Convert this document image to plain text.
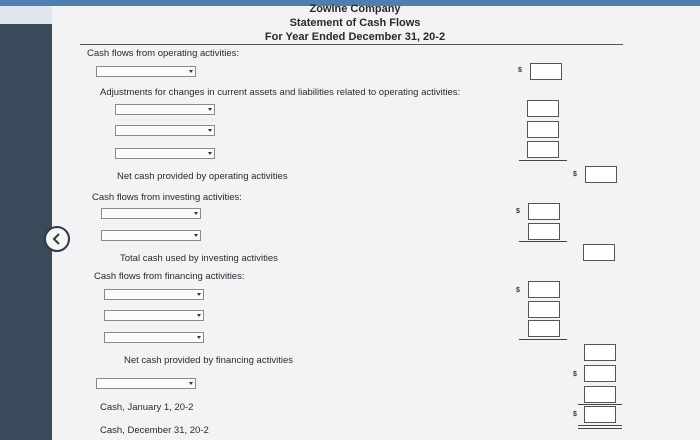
Zowine Company
Statement of Cash Flows
For Year Ended December 31, 20-2
Cash flows from operating activities:
$
Adjustments for changes in current assets and liabilities related to operating activities:
Net cash provided by operating activities	$
Cash flows from investing activities:
$
Total cash used by investing activities
Cash flows from financing activities:
$
Net cash provided by financing activities
$
Cash, January 1, 20-2
$
Cash, December 31, 20-2
